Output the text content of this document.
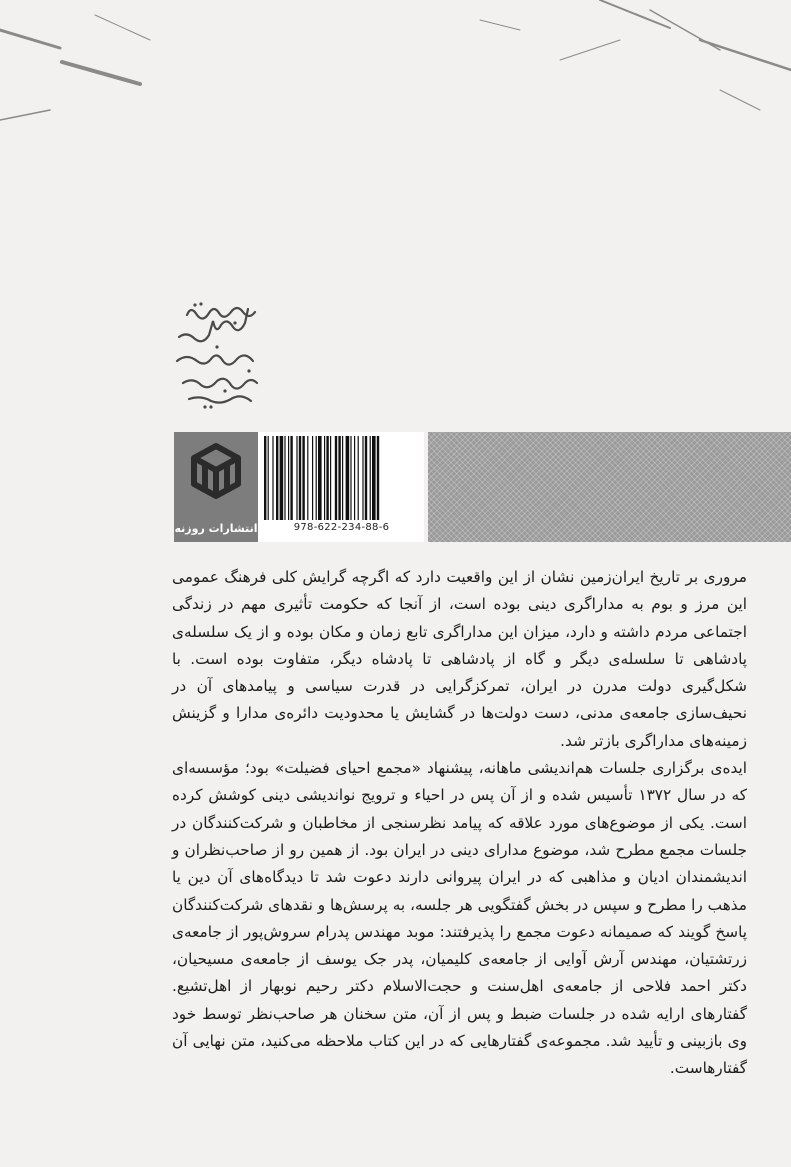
انتشارات روزنه	978-622-234-88-6

مروری بر تاریخ ایران‌زمین نشان از این واقعیت دارد که اگرچه گرایش کلی فرهنگ عمومی این مرز و بوم به مداراگری دینی بوده است، از آنجا که حکومت تأثیری مهم در زندگی اجتماعی مردم داشته و دارد، میزان این مداراگری تابع زمان و مکان بوده و از یک سلسله‌ی پادشاهی تا سلسله‌ی دیگر و گاه از پادشاهی تا پادشاه دیگر، متفاوت بوده است. با شکل‌گیری دولت مدرن در ایران، تمرکزگرایی در قدرت سیاسی و پیامدهای آن در نحیف‌سازی جامعه‌ی مدنی، دست دولت‌ها در گشایش یا محدودیت دائره‌ی مدارا و گزینش زمینه‌های مداراگری بازتر شد.

ایده‌ی برگزاری جلسات هم‌اندیشی ماهانه، پیشنهاد «مجمع احیای فضیلت» بود؛ مؤسسه‌ای که در سال ۱۳۷۲ تأسیس شده و از آن پس در احیاء و ترویج نواندیشی دینی کوشش کرده است. یکی از موضوع‌های مورد علاقه که پیامد نظرسنجی از مخاطبان و شرکت‌کنندگان در جلسات مجمع مطرح شد، موضوع مدارای دینی در ایران بود. از همین رو از صاحب‌نظران و اندیشمندان ادیان و مذاهبی که در ایران پیروانی دارند دعوت شد تا دیدگاه‌های آن دین یا مذهب را مطرح و سپس در بخش گفتگویی هر جلسه، به پرسش‌ها و نقدهای شرکت‌کنندگان پاسخ گویند که صمیمانه دعوت مجمع را پذیرفتند: موبد مهندس پدرام سروش‌پور از جامعه‌ی زرتشتیان، مهندس آرش آوایی از جامعه‌ی کلیمیان، پدر جک یوسف از جامعه‌ی مسیحیان، دکتر احمد فلاحی از جامعه‌ی اهل‌سنت و حجت‌الاسلام دکتر رحیم نوبهار از اهل‌تشیع. گفتارهای ارایه شده در جلسات ضبط و پس از آن، متن سخنان هر صاحب‌نظر توسط خود وی بازبینی و تأیید شد. مجموعه‌ی گفتارهایی که در این کتاب ملاحظه می‌کنید، متن نهایی آن گفتارهاست.
